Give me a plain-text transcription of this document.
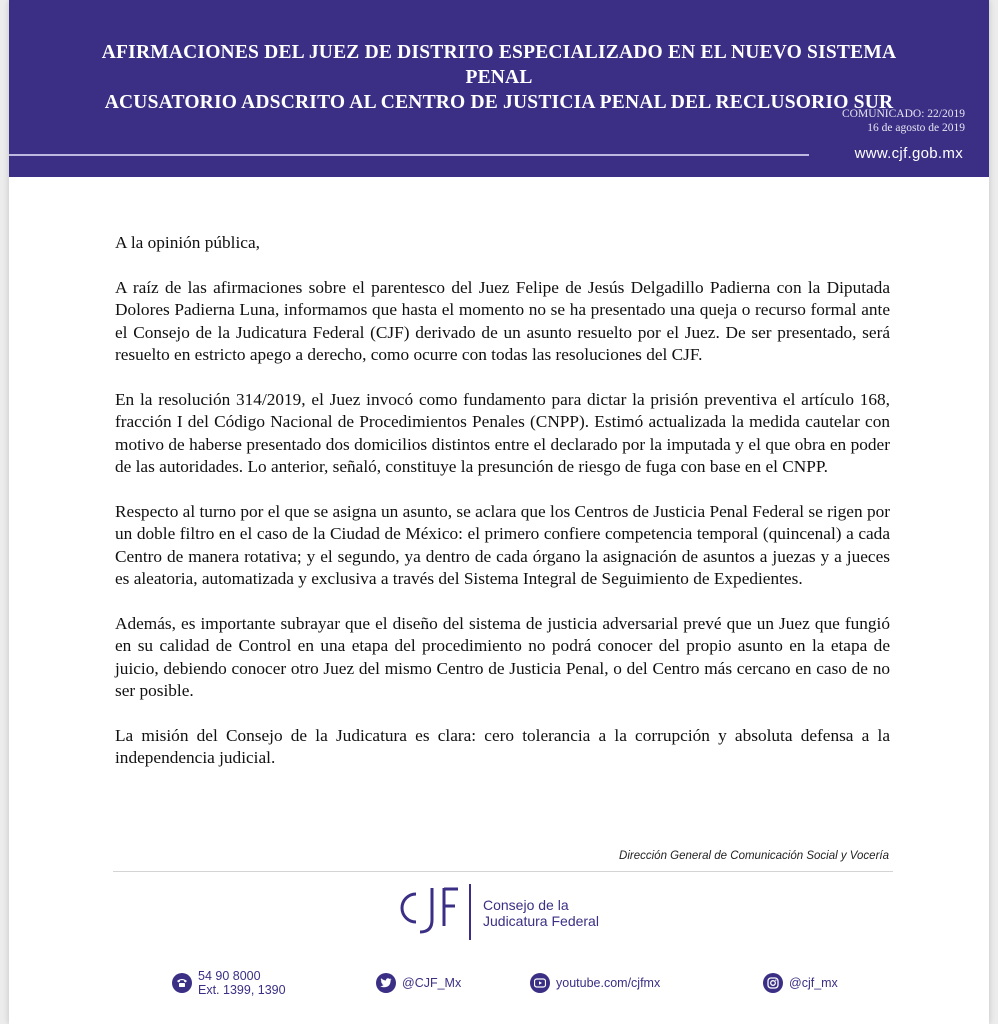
AFIRMACIONES DEL JUEZ DE DISTRITO ESPECIALIZADO EN EL NUEVO SISTEMA
PENAL
ACUSATORIO ADSCRITO AL CENTRO DE JUSTICIA PENAL DEL RECLUSORIO SUR
COMUNICADO: 22/2019
16 de agosto de 2019
www.cjf.gob.mx

A la opinión pública,

A raíz de las afirmaciones sobre el parentesco del Juez Felipe de Jesús Delgadillo Padierna con la Diputada Dolores Padierna Luna, informamos que hasta el momento no se ha presentado una queja o recurso formal ante el Consejo de la Judicatura Federal (CJF) derivado de un asunto resuelto por el Juez. De ser presentado, será resuelto en estricto apego a derecho, como ocurre con todas las resoluciones del CJF.

En la resolución 314/2019, el Juez invocó como fundamento para dictar la prisión preventiva el artículo 168, fracción I del Código Nacional de Procedimientos Penales (CNPP). Estimó actualizada la medida cautelar con motivo de haberse presentado dos domicilios distintos entre el declarado por la imputada y el que obra en poder de las autoridades. Lo anterior, señaló, constituye la presunción de riesgo de fuga con base en el CNPP.

Respecto al turno por el que se asigna un asunto, se aclara que los Centros de Justicia Penal Federal se rigen por un doble filtro en el caso de la Ciudad de México: el primero confiere competencia temporal (quincenal) a cada Centro de manera rotativa; y el segundo, ya dentro de cada órgano la asignación de asuntos a juezas y a jueces es aleatoria, automatizada y exclusiva a través del Sistema Integral de Seguimiento de Expedientes.

Además, es importante subrayar que el diseño del sistema de justicia adversarial prevé que un Juez que fungió en su calidad de Control en una etapa del procedimiento no podrá conocer del propio asunto en la etapa de juicio, debiendo conocer otro Juez del mismo Centro de Justicia Penal, o del Centro más cercano en caso de no ser posible.

La misión del Consejo de la Judicatura es clara: cero tolerancia a la corrupción y absoluta defensa a la independencia judicial.

Dirección General de Comunicación Social y Vocería
Consejo de la
Judicatura Federal
54 90 8000
Ext. 1399, 1390	@CJF_Mx	youtube.com/cjfmx	@cjf_mx
